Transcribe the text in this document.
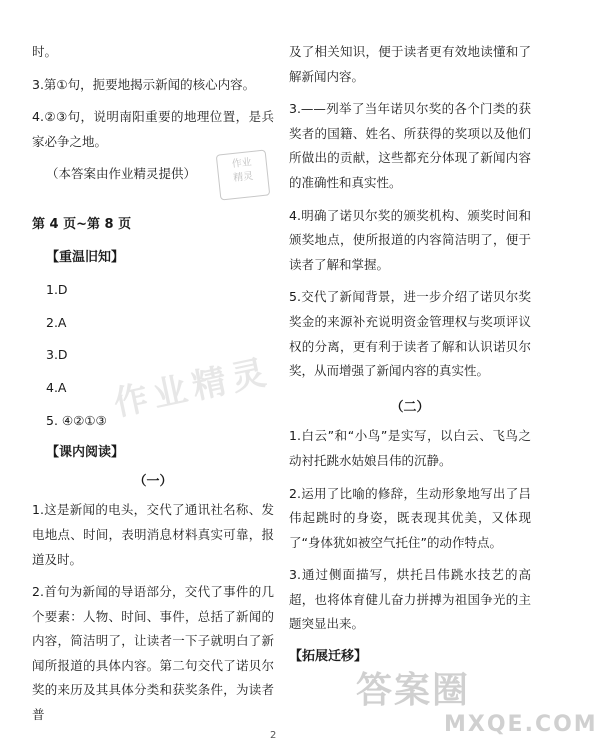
时。

3.第①句，扼要地揭示新闻的核心内容。

4.②③句，说明南阳重要的地理位置，是兵家必争之地。

（本答案由作业精灵提供）

第 4 页~第 8 页

【重温旧知】

1.D

2.A

3.D

4.A

5. ④②①③

【课内阅读】

（一）

1.这是新闻的电头，交代了通讯社名称、发电地点、时间，表明消息材料真实可靠，报道及时。

2.首句为新闻的导语部分，交代了事件的几个要素：人物、时间、事件，总括了新闻的内容，简洁明了，让读者一下子就明白了新闻所报道的具体内容。第二句交代了诺贝尔奖的来历及其具体分类和获奖条件，为读者普

及了相关知识，便于读者更有效地读懂和了解新闻内容。

3.——列举了当年诺贝尔奖的各个门类的获奖者的国籍、姓名、所获得的奖项以及他们所做出的贡献，这些都充分体现了新闻内容的准确性和真实性。

4.明确了诺贝尔奖的颁奖机构、颁奖时间和颁奖地点，使所报道的内容简洁明了，便于读者了解和掌握。

5.交代了新闻背景，进一步介绍了诺贝尔奖奖金的来源补充说明资金管理权与奖项评议权的分离，更有利于读者了解和认识诺贝尔奖，从而增强了新闻内容的真实性。

（二）

1.白云”和“小鸟”是实写，以白云、飞鸟之动衬托跳水姑娘吕伟的沉静。

2.运用了比喻的修辞，生动形象地写出了吕伟起跳时的身姿，既表现其优美，又体现了“身体犹如被空气托住”的动作特点。

3.通过侧面描写，烘托吕伟跳水技艺的高超，也将体育健儿奋力拼搏为祖国争光的主题突显出来。

【拓展迁移】

作业
精灵
作业精灵
答案圈
MXQE.COM
2
